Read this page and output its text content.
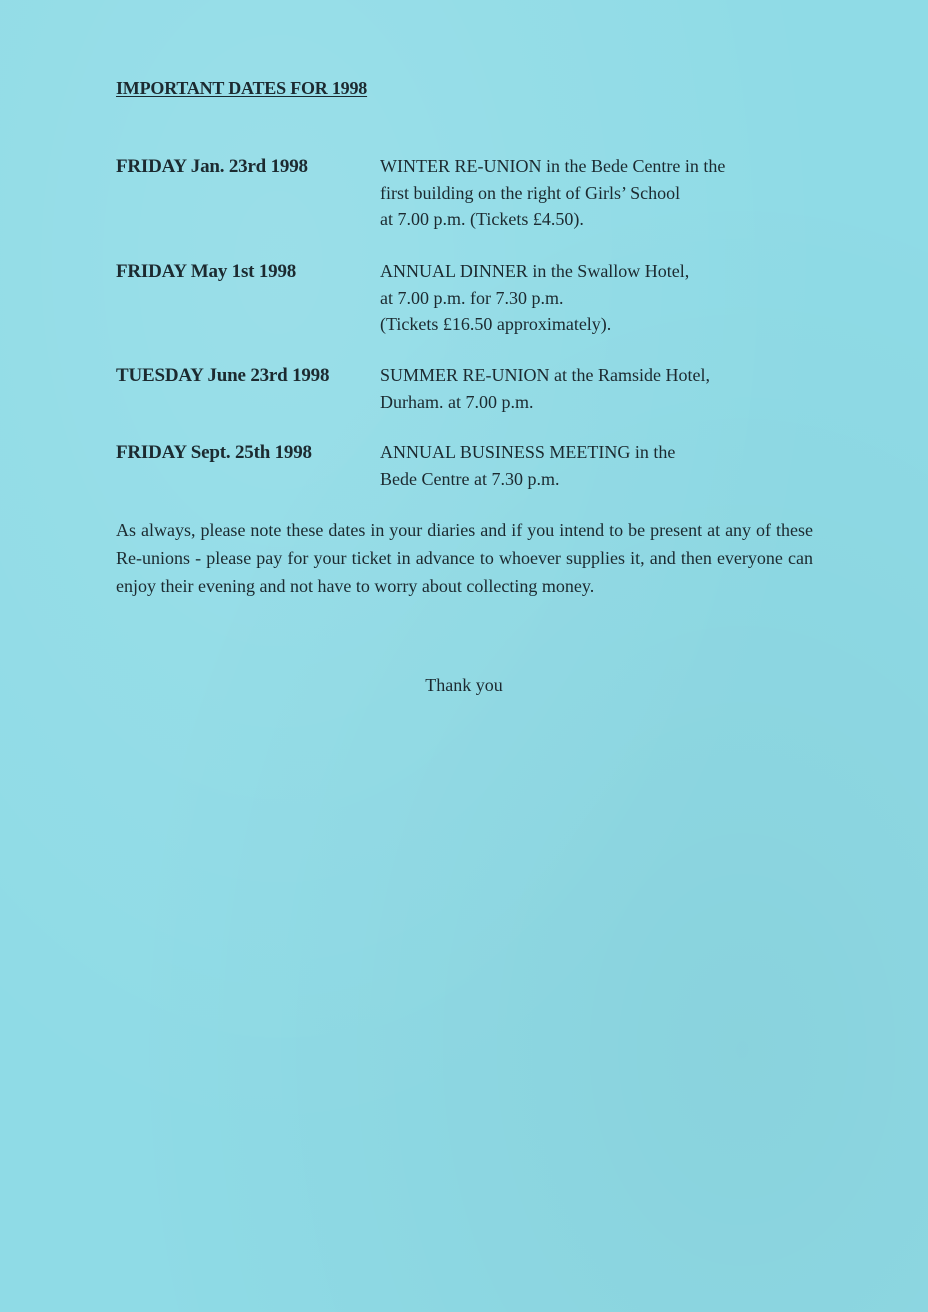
IMPORTANT DATES FOR 1998
FRIDAY Jan. 23rd 1998	WINTER RE-UNION in the Bede Centre in the
first building on the right of Girls’ School
at 7.00 p.m. (Tickets £4.50).
FRIDAY May 1st 1998	ANNUAL DINNER in the Swallow Hotel,
at 7.00 p.m. for 7.30 p.m.
(Tickets £16.50 approximately).
TUESDAY June 23rd 1998	SUMMER RE-UNION at the Ramside Hotel,
Durham. at 7.00 p.m.
FRIDAY Sept. 25th 1998	ANNUAL BUSINESS MEETING in the
Bede Centre at 7.30 p.m.
As always, please note these dates in your diaries and if you intend to be present at any of these Re-unions - please pay for your ticket in advance to whoever supplies it, and then everyone can enjoy their evening and not have to worry about collecting money.
Thank you
